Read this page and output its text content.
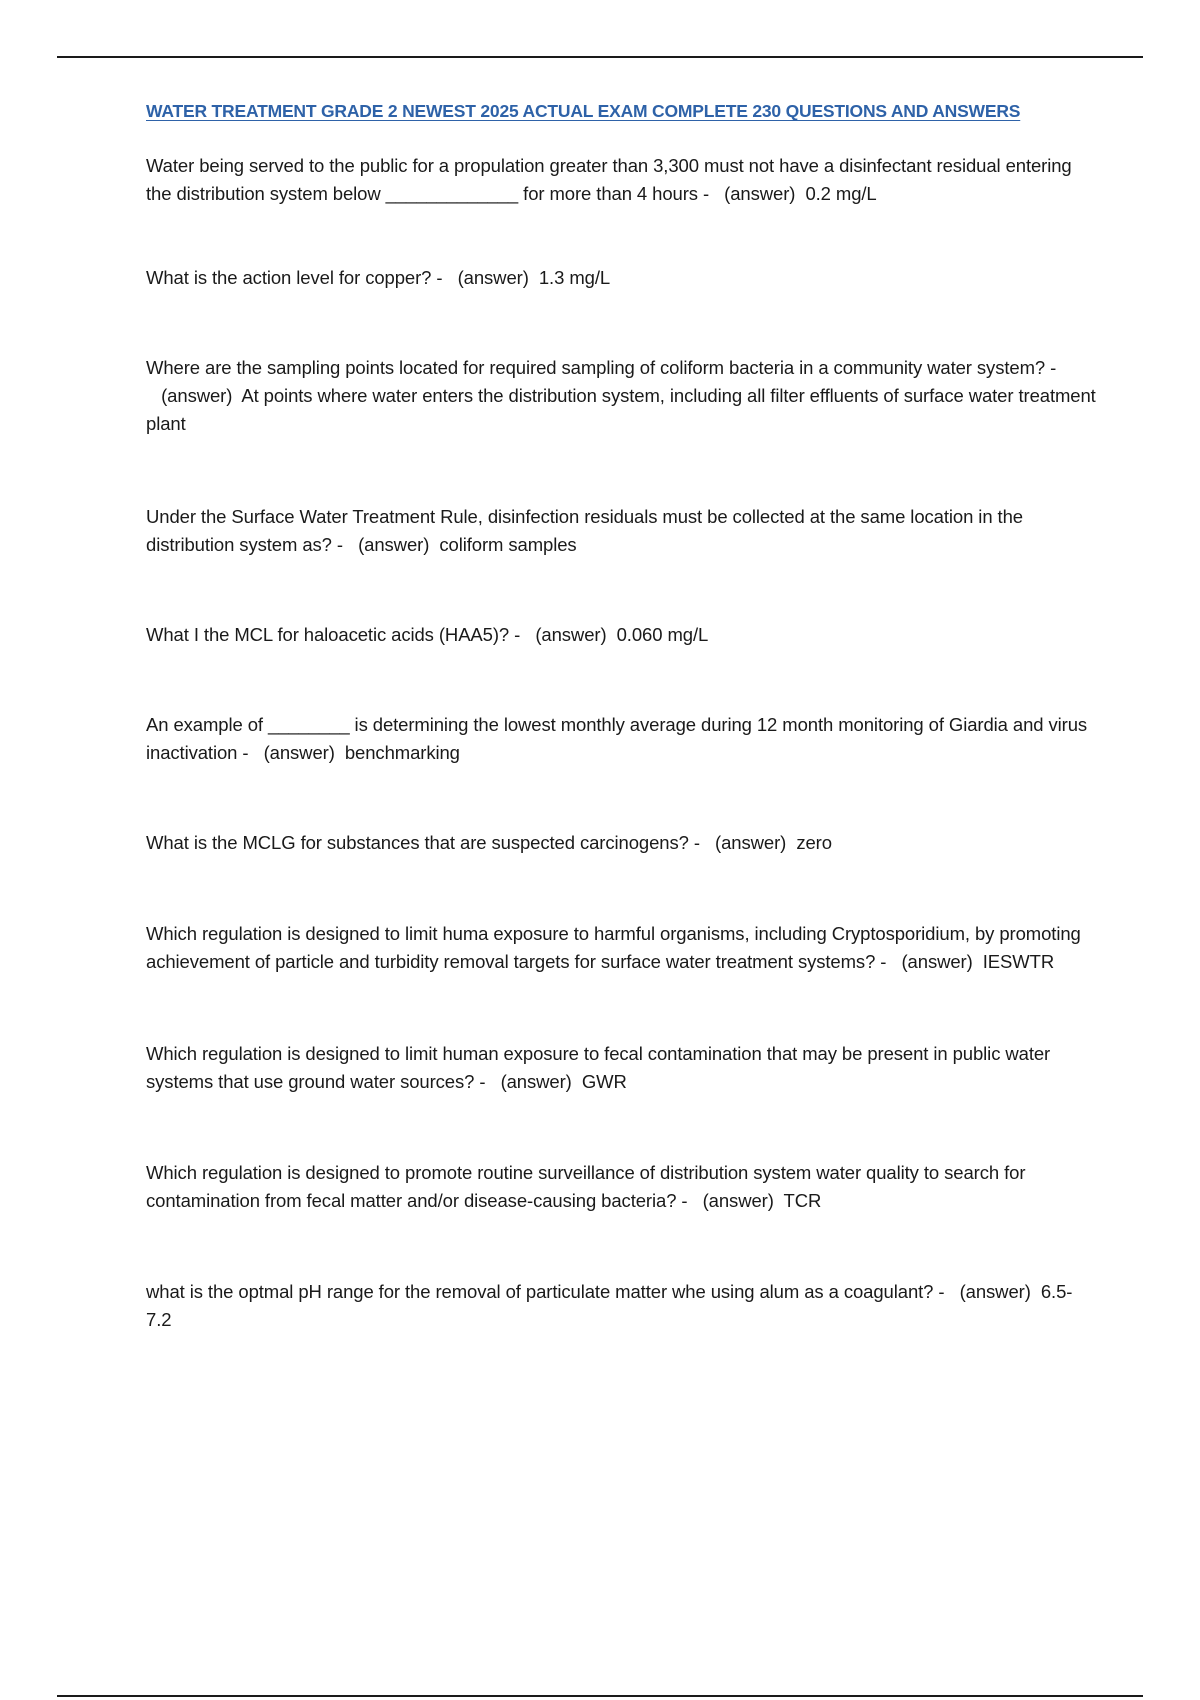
WATER TREATMENT GRADE 2 NEWEST 2025 ACTUAL EXAM COMPLETE 230 QUESTIONS AND ANSWERS

Water being served to the public for a propulation greater than 3,300 must not have a disinfectant residual entering the distribution system below _____________ for more than 4 hours - (answer) 0.2 mg/L

What is the action level for copper? - (answer) 1.3 mg/L

Where are the sampling points located for required sampling of coliform bacteria in a community water system? -   (answer) At points where water enters the distribution system, including all filter effluents of surface water treatment plant

Under the Surface Water Treatment Rule, disinfection residuals must be collected at the same location in the distribution system as? - (answer) coliform samples

What I the MCL for haloacetic acids (HAA5)? - (answer) 0.060 mg/L

An example of ________ is determining the lowest monthly average during 12 month monitoring of Giardia and virus inactivation - (answer) benchmarking

What is the MCLG for substances that are suspected carcinogens? - (answer) zero

Which regulation is designed to limit huma exposure to harmful organisms, including Cryptosporidium, by promoting achievement of particle and turbidity removal targets for surface water treatment systems? - (answer) IESWTR

Which regulation is designed to limit human exposure to fecal contamination that may be present in public water systems that use ground water sources? - (answer) GWR

Which regulation is designed to promote routine surveillance of distribution system water quality to search for contamination from fecal matter and/or disease-causing bacteria? - (answer) TCR

what is the optmal pH range for the removal of particulate matter whe using alum as a coagulant? - (answer) 6.5-7.2
